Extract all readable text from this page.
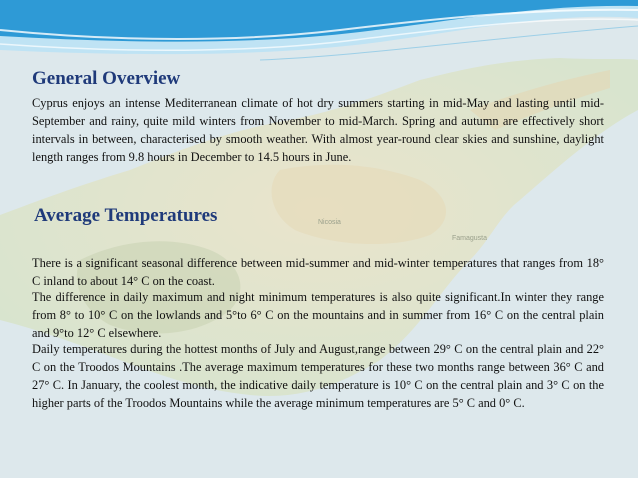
Nicosia
Famagusta
General Overview

Cyprus enjoys an intense Mediterranean climate of hot dry summers starting in mid-May and lasting until mid-September and rainy, quite mild winters from November to mid-March. Spring and autumn are effectively short intervals in between, characterised by smooth weather. With almost year-round clear skies and sunshine, daylight length ranges from 9.8 hours in December to 14.5 hours in June.

Average Temperatures

There is a significant seasonal difference between mid-summer and mid-winter temperatures that ranges from 18° C inland to about 14° C on the coast.

The difference in daily maximum and night minimum temperatures is also quite significant.In winter they range from 8° to 10° C on the lowlands and 5°to 6° C on the mountains and in summer from 16° C on the central plain and 9°to 12° C elsewhere.

Daily temperatures during the hottest months of July and August,range between 29° C on the central plain and 22° C on the Troodos Mountains .The average maximum temperatures for these two months range between 36° C and 27° C. In January, the coolest month, the indicative daily temperature is 10° C on the central plain and 3° C on the higher parts of the Troodos Mountains while the average minimum temperatures are 5° C and 0° C.
